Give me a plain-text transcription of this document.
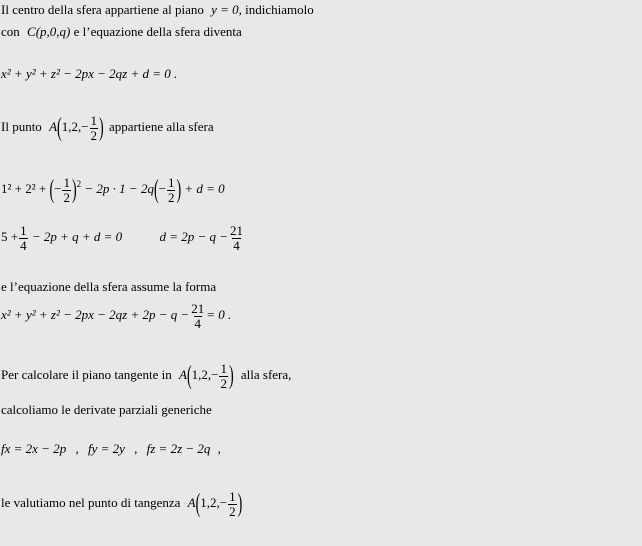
Il centro della sfera appartiene al piano y = 0, indichiamolo
con C(p,0,q) e l’equazione della sfera diventa
x² + y² + z² − 2px − 2qz + d = 0 .
Il punto $A(1,2,- \frac{1}{2}$ ) appartiene alla sfera
1² + 2² + (− $\frac{1}{2} )^2 - 2p \cdot 1 - 2q(- \frac{1}{2}$ ) + d = 0
$5 + \frac{1}{4} - 2p + q + d = 0$	$d = 2p - q - \frac{21}{4}$
e l’equazione della sfera assume la forma
$x^2 + y^2 + z^2 - 2px - 2qz + 2p - q - \frac{21}{4} = 0$ .
Per calcolare il piano tangente in $A(1,2,- \frac{1}{2}$ ) alla sfera,
calcoliamo le derivate parziali generiche
fx = 2x − 2p , fy = 2y , fz = 2z − 2q ,
le valutiamo nel punto di tangenza $A(1,2,- \frac{1}{2}$ )
